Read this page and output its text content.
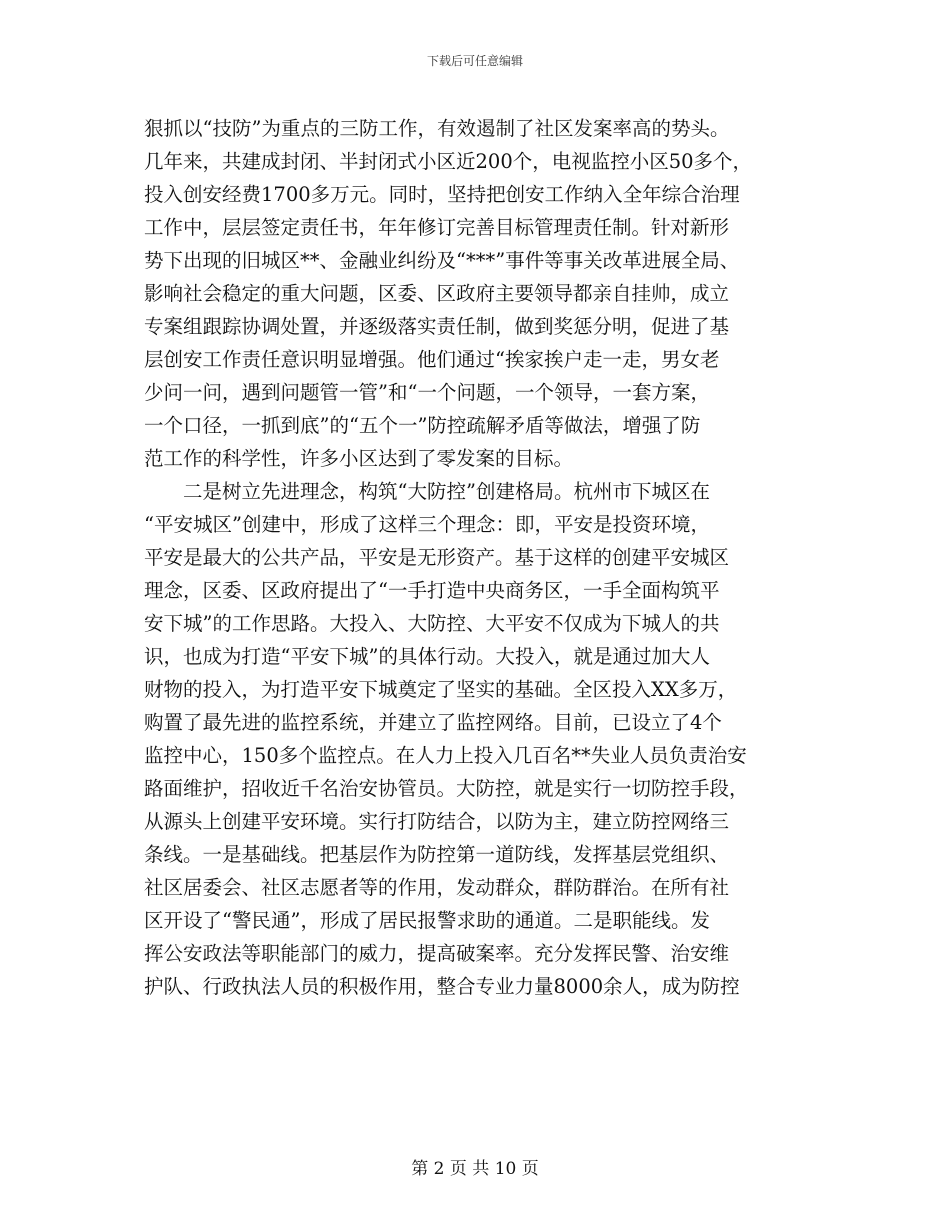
下载后可任意编辑
狠抓以“技防”为重点的三防工作，有效遏制了社区发案率高的势头。
几年来，共建成封闭、半封闭式小区近200个，电视监控小区50多个，
投入创安经费1700多万元。同时，坚持把创安工作纳入全年综合治理
工作中，层层签定责任书，年年修订完善目标管理责任制。针对新形
势下出现的旧城区**、金融业纠纷及“***”事件等事关改革进展全局、
影响社会稳定的重大问题，区委、区政府主要领导都亲自挂帅，成立
专案组跟踪协调处置，并逐级落实责任制，做到奖惩分明，促进了基
层创安工作责任意识明显增强。他们通过“挨家挨户走一走，男女老
少问一问，遇到问题管一管”和“一个问题，一个领导，一套方案，
一个口径，一抓到底”的“五个一”防控疏解矛盾等做法，增强了防
范工作的科学性，许多小区达到了零发案的目标。
　　二是树立先进理念，构筑“大防控”创建格局。杭州市下城区在
“平安城区”创建中，形成了这样三个理念：即，平安是投资环境，
平安是最大的公共产品，平安是无形资产。基于这样的创建平安城区
理念，区委、区政府提出了“一手打造中央商务区，一手全面构筑平
安下城”的工作思路。大投入、大防控、大平安不仅成为下城人的共
识，也成为打造“平安下城”的具体行动。大投入，就是通过加大人
财物的投入，为打造平安下城奠定了坚实的基础。全区投入XX多万，
购置了最先进的监控系统，并建立了监控网络。目前，已设立了4个
监控中心，150多个监控点。在人力上投入几百名**失业人员负责治安
路面维护，招收近千名治安协管员。大防控，就是实行一切防控手段，
从源头上创建平安环境。实行打防结合，以防为主，建立防控网络三
条线。一是基础线。把基层作为防控第一道防线，发挥基层党组织、
社区居委会、社区志愿者等的作用，发动群众，群防群治。在所有社
区开设了“警民通”，形成了居民报警求助的通道。二是职能线。发
挥公安政法等职能部门的威力，提高破案率。充分发挥民警、治安维
护队、行政执法人员的积极作用，整合专业力量8000余人，成为防控
第 2 页 共 10 页
